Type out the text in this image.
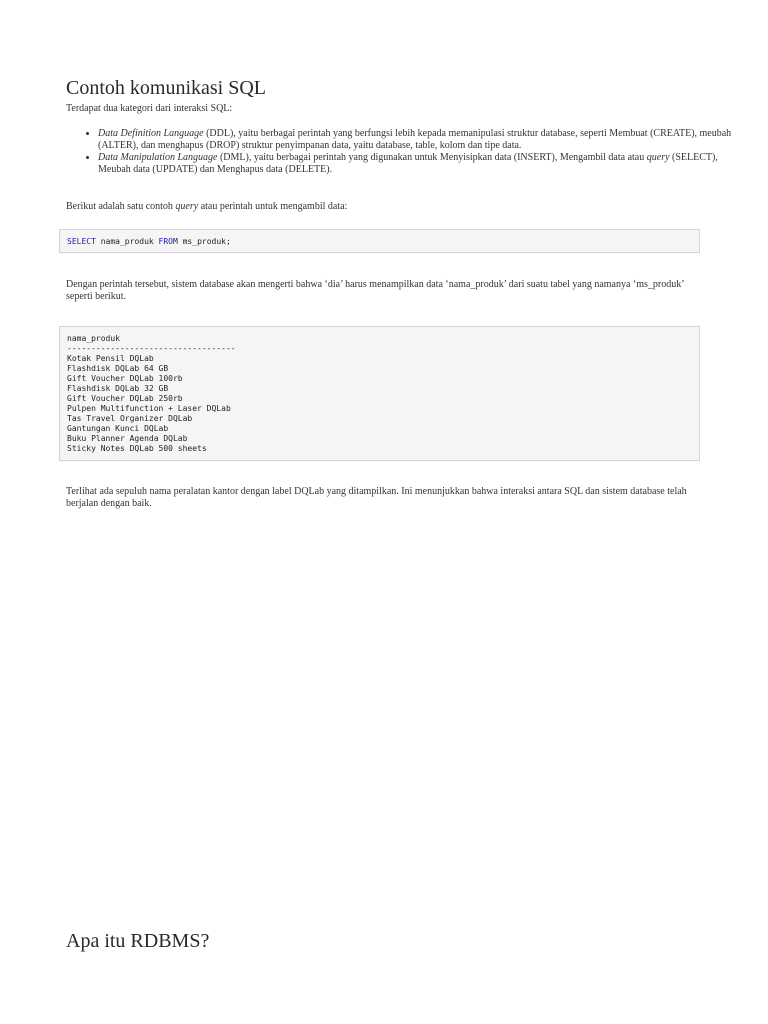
Contoh komunikasi SQL

Terdapat dua kategori dari interaksi SQL:

• Data Definition Language (DDL), yaitu berbagai perintah yang berfungsi lebih kepada memanipulasi struktur database, seperti Membuat (CREATE), meubah (ALTER), dan menghapus (DROP) struktur penyimpanan data, yaitu database, table, kolom dan tipe data.
• Data Manipulation Language (DML), yaitu berbagai perintah yang digunakan untuk Menyisipkan data (INSERT), Mengambil data atau query (SELECT), Meubah data (UPDATE) dan Menghapus data (DELETE).

Berikut adalah satu contoh query atau perintah untuk mengambil data:

SELECT nama_produk FROM ms_produk;

Dengan perintah tersebut, sistem database akan mengerti bahwa ‘dia’ harus menampilkan data ‘nama_produk’ dari suatu tabel yang namanya ‘ms_produk’ seperti berikut.

nama_produk
-----------------------------------
Kotak Pensil DQLab
Flashdisk DQLab 64 GB
Gift Voucher DQLab 100rb
Flashdisk DQLab 32 GB
Gift Voucher DQLab 250rb
Pulpen Multifunction + Laser DQLab
Tas Travel Organizer DQLab
Gantungan Kunci DQLab
Buku Planner Agenda DQLab
Sticky Notes DQLab 500 sheets

Terlihat ada sepuluh nama peralatan kantor dengan label DQLab yang ditampilkan. Ini menunjukkan bahwa interaksi antara SQL dan sistem database telah berjalan dengan baik.

Apa itu RDBMS?
